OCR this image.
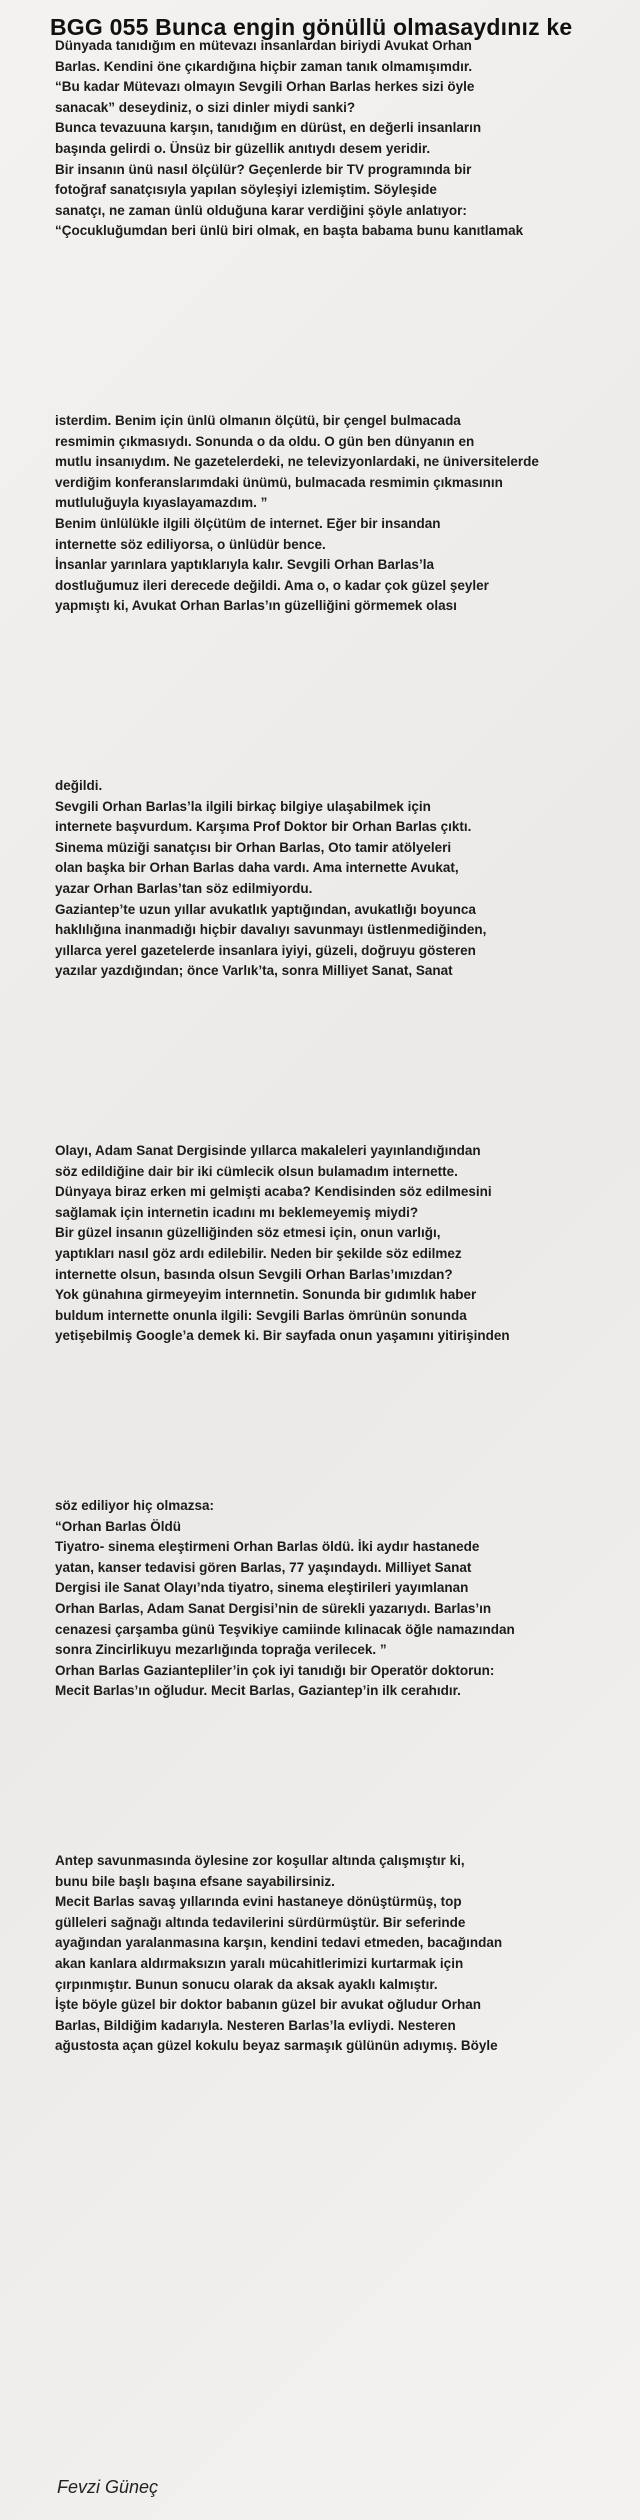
BGG 055 Bunca engin gönüllü olmasaydınız ke
Dünyada tanıdığım en mütevazı insanlardan biriydi Avukat Orhan
Barlas. Kendini öne çıkardığına hiçbir zaman tanık olmamışımdır.
“Bu kadar Mütevazı olmayın Sevgili Orhan Barlas herkes sizi öyle
sanacak” deseydiniz, o sizi dinler miydi sanki?
Bunca tevazuuna karşın, tanıdığım en dürüst, en değerli insanların
başında gelirdi o. Ünsüz bir güzellik anıtıydı desem yeridir.
Bir insanın ünü nasıl ölçülür? Geçenlerde bir TV programında bir
fotoğraf sanatçısıyla yapılan söyleşiyi izlemiştim. Söyleşide
sanatçı, ne zaman ünlü olduğuna karar verdiğini şöyle anlatıyor:
“Çocukluğumdan beri ünlü biri olmak, en başta babama bunu kanıtlamak
isterdim. Benim için ünlü olmanın ölçütü, bir çengel bulmacada
resmimin çıkmasıydı. Sonunda o da oldu. O gün ben dünyanın en
mutlu insanıydım. Ne gazetelerdeki, ne televizyonlardaki, ne üniversitelerde
verdiğim konferanslarımdaki ünümü, bulmacada resmimin çıkmasının
mutluluğuyla kıyaslayamazdım. ”
Benim ünlülükle ilgili ölçütüm de internet. Eğer bir insandan
internette söz ediliyorsa, o ünlüdür bence.
İnsanlar yarınlara yaptıklarıyla kalır. Sevgili Orhan Barlas’la
dostluğumuz ileri derecede değildi. Ama o, o kadar çok güzel şeyler
yapmıştı ki, Avukat Orhan Barlas’ın güzelliğini görmemek olası
değildi.
Sevgili Orhan Barlas’la ilgili birkaç bilgiye ulaşabilmek için
internete başvurdum. Karşıma Prof Doktor bir Orhan Barlas çıktı.
Sinema müziği sanatçısı bir Orhan Barlas, Oto tamir atölyeleri
olan başka bir Orhan Barlas daha vardı. Ama internette Avukat,
yazar Orhan Barlas’tan söz edilmiyordu.
Gaziantep’te uzun yıllar avukatlık yaptığından, avukatlığı boyunca
haklılığına inanmadığı hiçbir davalıyı savunmayı üstlenmediğinden,
yıllarca yerel gazetelerde insanlara iyiyi, güzeli, doğruyu gösteren
yazılar yazdığından; önce Varlık’ta, sonra Milliyet Sanat, Sanat
Olayı, Adam Sanat Dergisinde yıllarca makaleleri yayınlandığından
söz edildiğine dair bir iki cümlecik olsun bulamadım internette.
Dünyaya biraz erken mi gelmişti acaba? Kendisinden söz edilmesini
sağlamak için internetin icadını mı beklemeyemiş miydi?
Bir güzel insanın güzelliğinden söz etmesi için, onun varlığı,
yaptıkları nasıl göz ardı edilebilir. Neden bir şekilde söz edilmez
internette olsun, basında olsun Sevgili Orhan Barlas’ımızdan?
Yok günahına girmeyeyim internnetin. Sonunda bir gıdımlık haber
buldum internette onunla ilgili: Sevgili Barlas ömrünün sonunda
yetişebilmiş Google’a demek ki. Bir sayfada onun yaşamını yitirişinden
söz ediliyor hiç olmazsa:
“Orhan Barlas Öldü
Tiyatro- sinema eleştirmeni Orhan Barlas öldü. İki aydır hastanede
yatan, kanser tedavisi gören Barlas, 77 yaşındaydı. Milliyet Sanat
Dergisi ile Sanat Olayı’nda tiyatro, sinema eleştirileri yayımlanan
Orhan Barlas, Adam Sanat Dergisi’nin de sürekli yazarıydı. Barlas’ın
cenazesi çarşamba günü Teşvikiye camiinde kılinacak öğle namazından
sonra Zincirlikuyu mezarlığında toprağa verilecek. ”
Orhan Barlas Gaziantepliler’in çok iyi tanıdığı bir Operatör doktorun:
Mecit Barlas’ın oğludur. Mecit Barlas, Gaziantep’in ilk cerahıdır.
Antep savunmasında öylesine zor koşullar altında çalışmıştır ki,
bunu bile başlı başına efsane sayabilirsiniz.
Mecit Barlas savaş yıllarında evini hastaneye dönüştürmüş, top
gülleleri sağnağı altında tedavilerini sürdürmüştür. Bir seferinde
ayağından yaralanmasına karşın, kendini tedavi etmeden, bacağından
akan kanlara aldırmaksızın yaralı mücahitlerimizi kurtarmak için
çırpınmıştır. Bunun sonucu olarak da aksak ayaklı kalmıştır.
İşte böyle güzel bir doktor babanın güzel bir avukat oğludur Orhan
Barlas, Bildiğim kadarıyla. Nesteren Barlas’la evliydi. Nesteren
ağustosta açan güzel kokulu beyaz sarmaşık gülünün adıymış. Böyle
Fevzi Güneç
